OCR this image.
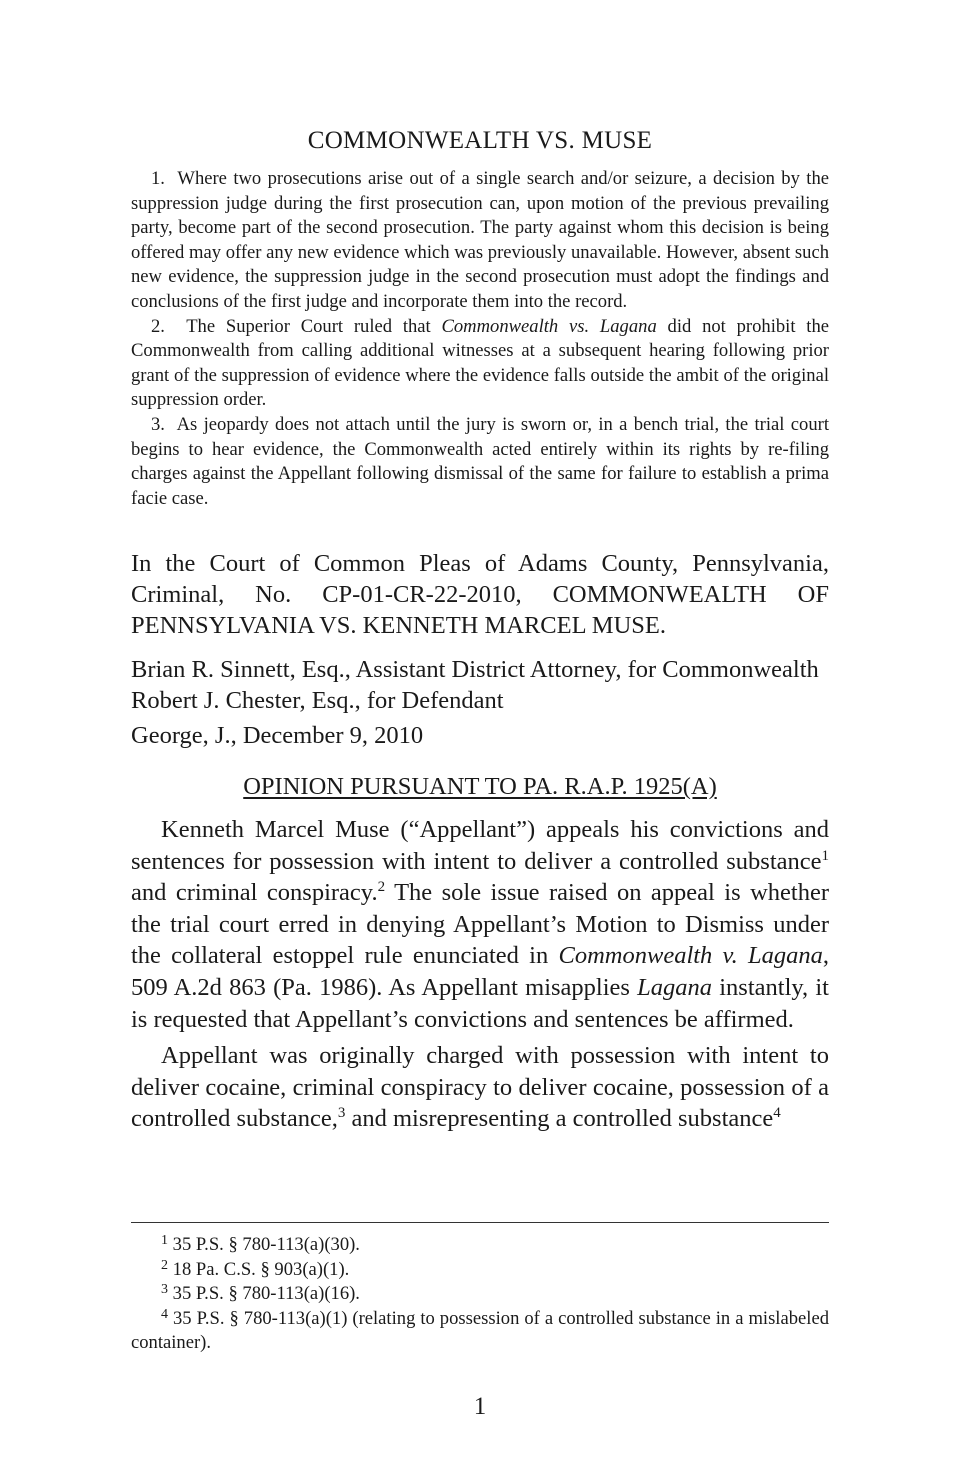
COMMONWEALTH VS. MUSE

1. Where two prosecutions arise out of a single search and/or seizure, a decision by the suppression judge during the first prosecution can, upon motion of the previous prevailing party, become part of the second prosecution. The party against whom this decision is being offered may offer any new evidence which was previously unavailable. However, absent such new evidence, the suppression judge in the second prosecution must adopt the findings and conclusions of the first judge and incorporate them into the record.

2. The Superior Court ruled that Commonwealth vs. Lagana did not prohibit the Commonwealth from calling additional witnesses at a subsequent hearing following prior grant of the suppression of evidence where the evidence falls outside the ambit of the original suppression order.

3. As jeopardy does not attach until the jury is sworn or, in a bench trial, the trial court begins to hear evidence, the Commonwealth acted entirely within its rights by re-filing charges against the Appellant following dismissal of the same for failure to establish a prima facie case.

In the Court of Common Pleas of Adams County, Pennsylvania, Criminal, No. CP-01-CR-22-2010, COMMONWEALTH OF PENNSYLVANIA VS. KENNETH MARCEL MUSE.

Brian R. Sinnett, Esq., Assistant District Attorney, for Commonwealth

Robert J. Chester, Esq., for Defendant

George, J., December 9, 2010
OPINION PURSUANT TO PA. R.A.P. 1925(A)

Kenneth Marcel Muse (“Appellant”) appeals his convictions and sentences for possession with intent to deliver a controlled substance$^1$ and criminal conspiracy.$^2$ The sole issue raised on appeal is whether the trial court erred in denying Appellant’s Motion to Dismiss under the collateral estoppel rule enunciated in Commonwealth v. Lagana, 509 A.2d 863 (Pa. 1986). As Appellant misapplies Lagana instantly, it is requested that Appellant’s convictions and sentences be affirmed.

Appellant was originally charged with possession with intent to deliver cocaine, criminal conspiracy to deliver cocaine, possession of a controlled substance,$^3$ and misrepresenting a controlled substance$^4$

$^1$ 35 P.S. § 780-113(a)(30).

$^2$ 18 Pa. C.S. § 903(a)(1).

$^3$ 35 P.S. § 780-113(a)(16).

$^4$ 35 P.S. § 780-113(a)(1) (relating to possession of a controlled substance in a mislabeled container).

1
